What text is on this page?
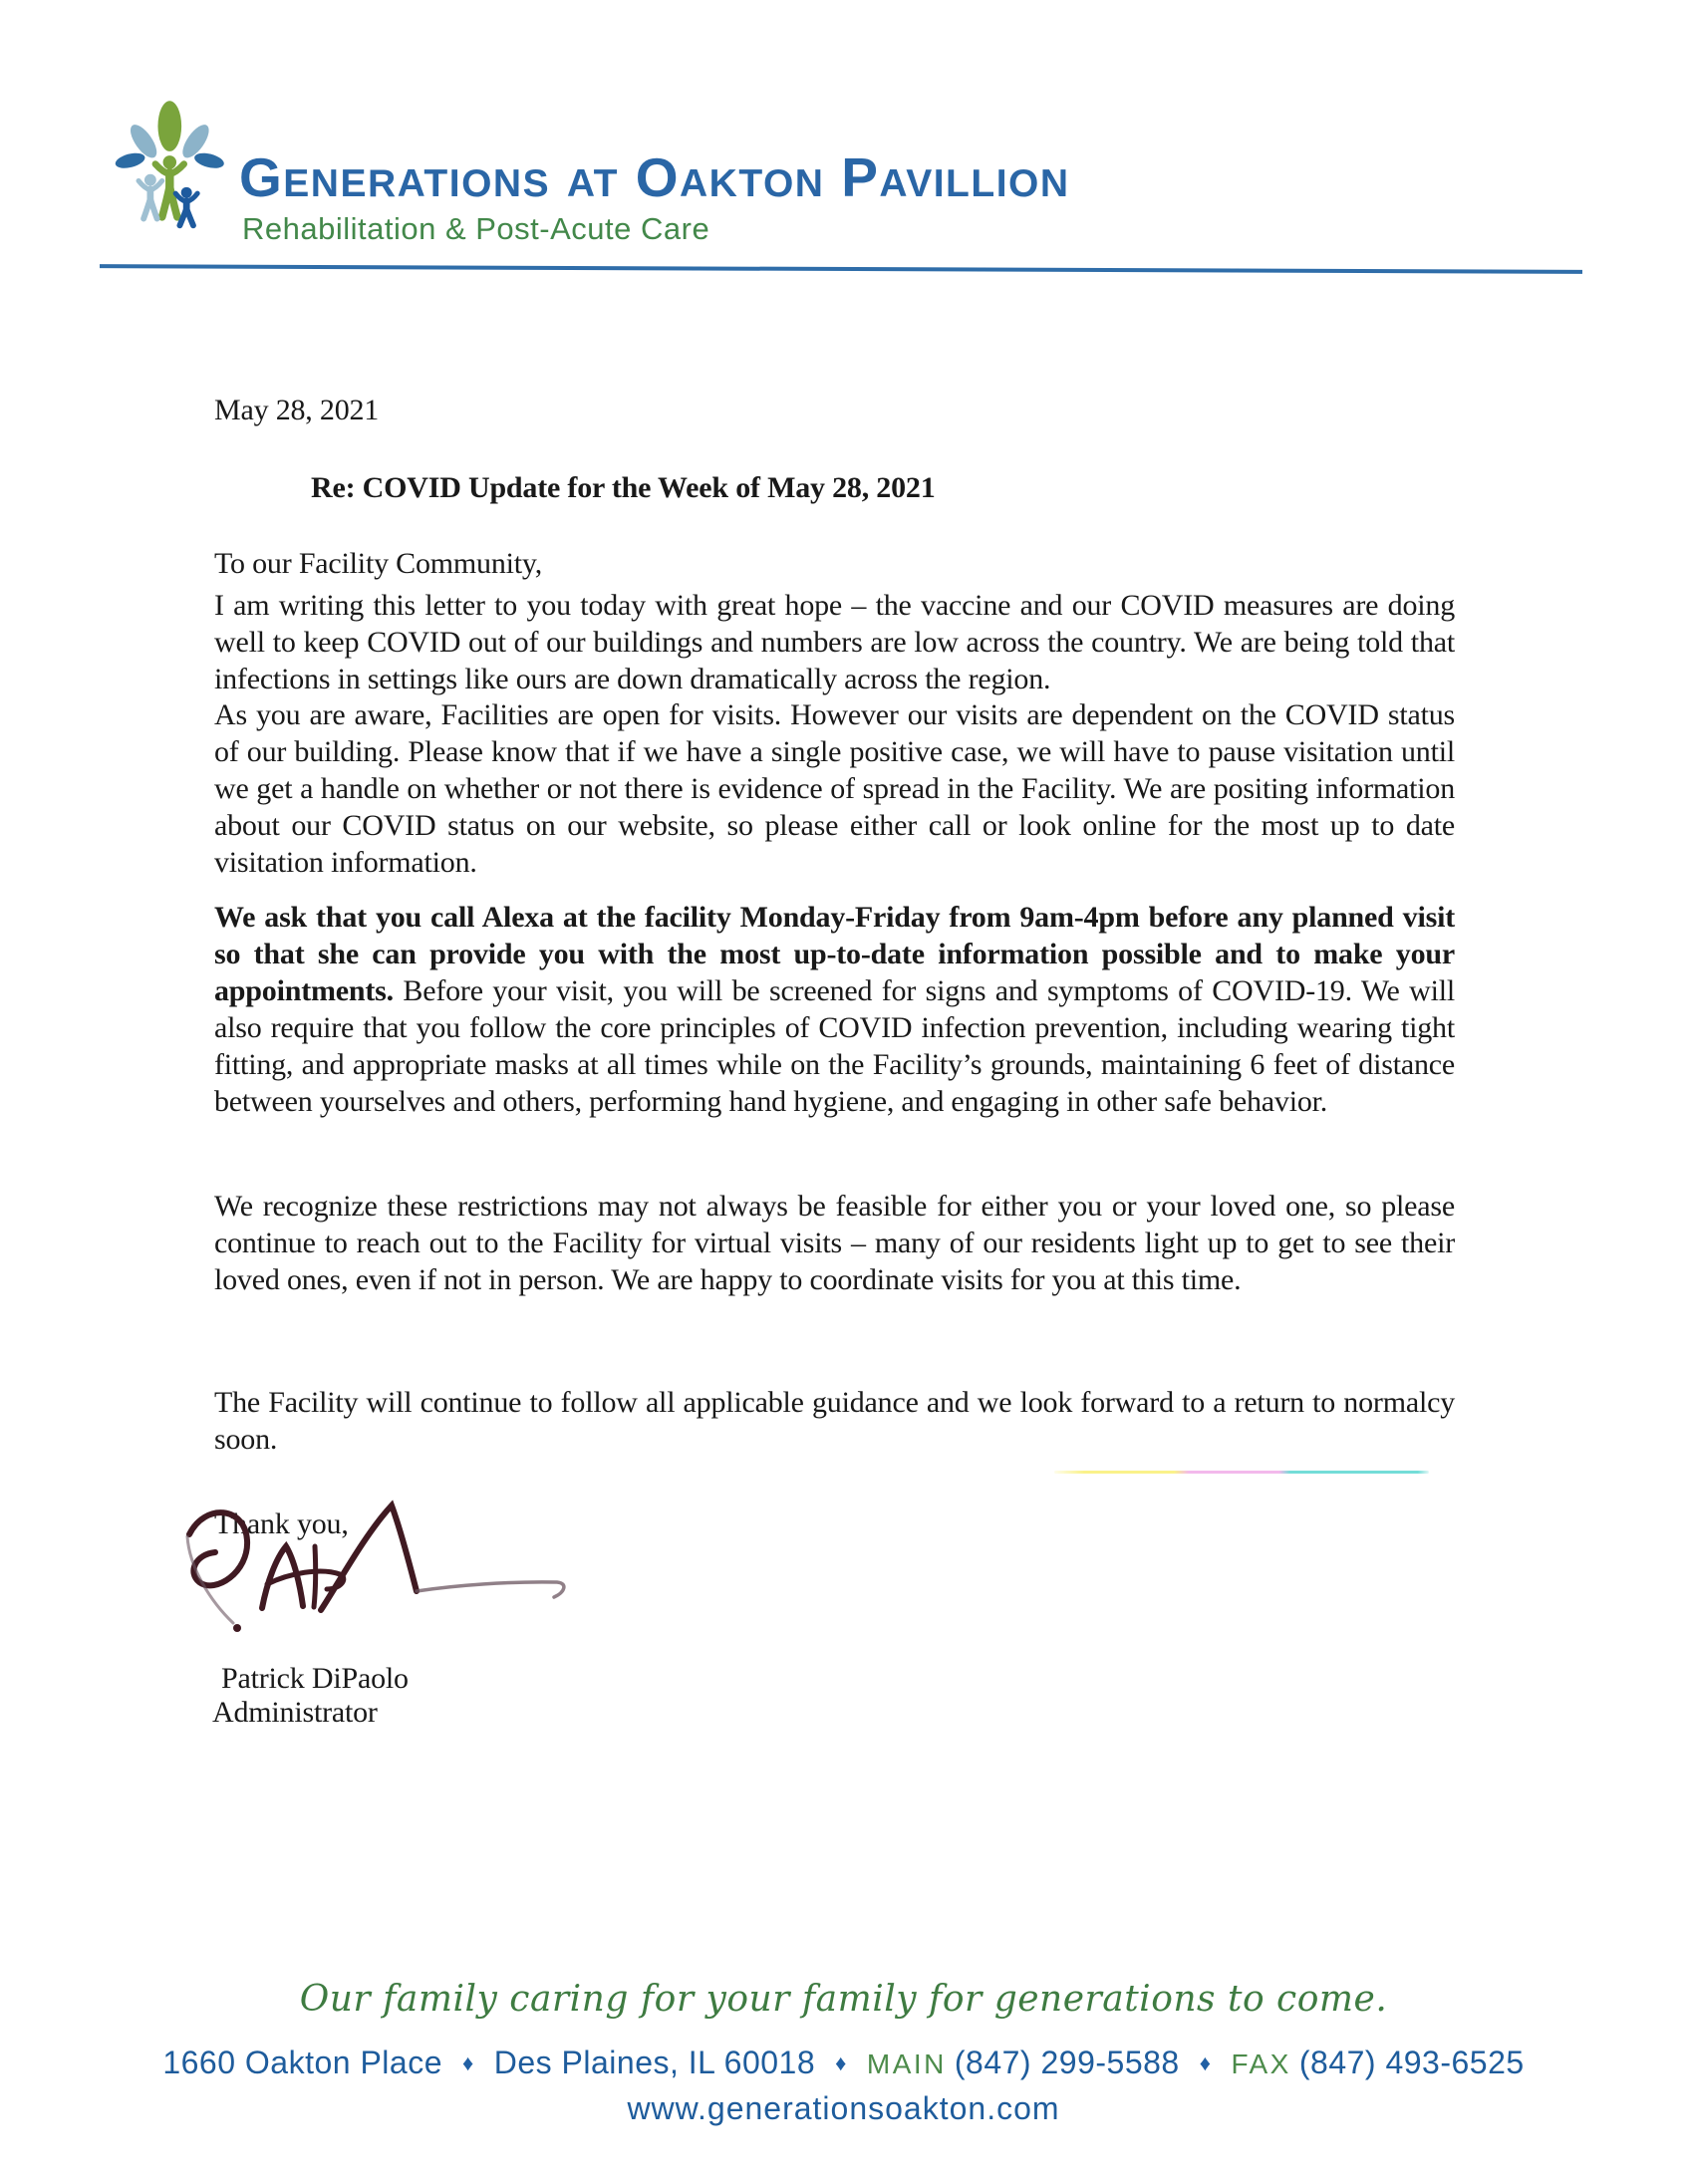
Generations at Oakton Pavillion
Rehabilitation & Post-Acute Care
May 28, 2021
Re: COVID Update for the Week of May 28, 2021
To our Facility Community,
I am writing this letter to you today with great hope – the vaccine and our COVID measures are doing well to keep COVID out of our buildings and numbers are low across the country. We are being told that infections in settings like ours are down dramatically across the region.
As you are aware, Facilities are open for visits. However our visits are dependent on the COVID status of our building. Please know that if we have a single positive case, we will have to pause visitation until we get a handle on whether or not there is evidence of spread in the Facility. We are positing information about our COVID status on our website, so please either call or look online for the most up to date visitation information.
We ask that you call Alexa at the facility Monday-Friday from 9am-4pm before any planned visit so that she can provide you with the most up-to-date information possible and to make your appointments. Before your visit, you will be screened for signs and symptoms of COVID-19. We will also require that you follow the core principles of COVID infection prevention, including wearing tight fitting, and appropriate masks at all times while on the Facility’s grounds, maintaining 6 feet of distance between yourselves and others, performing hand hygiene, and engaging in other safe behavior.
We recognize these restrictions may not always be feasible for either you or your loved one, so please continue to reach out to the Facility for virtual visits – many of our residents light up to get to see their loved ones, even if not in person. We are happy to coordinate visits for you at this time.
The Facility will continue to follow all applicable guidance and we look forward to a return to normalcy soon.
Thank you,
Patrick DiPaolo
Administrator
Our family caring for your family for generations to come.
1660 Oakton Place ♦ Des Plaines, IL 60018 ♦ MAIN (847) 299-5588 ♦ FAX (847) 493-6525
www.generationsoakton.com
